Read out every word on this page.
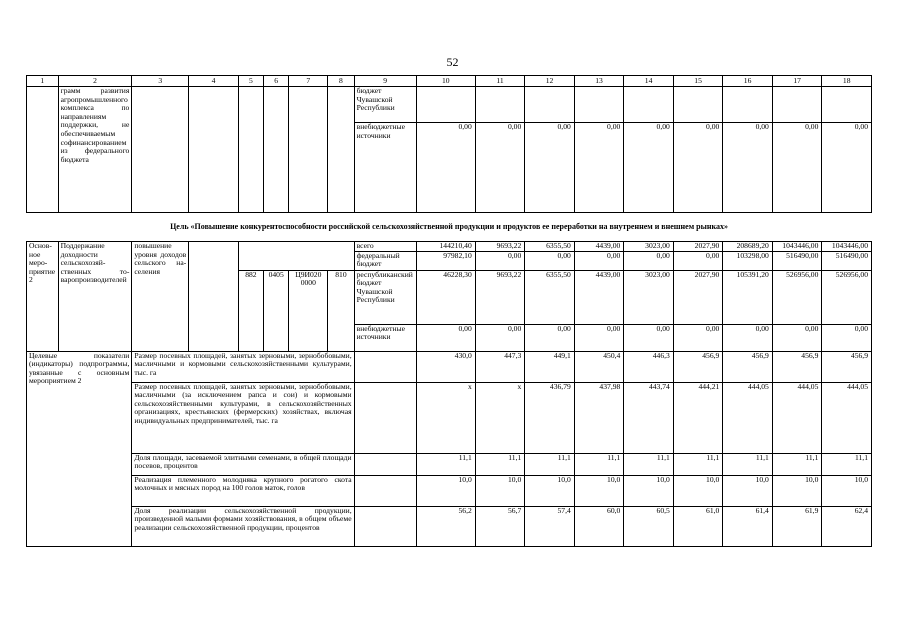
52
1	2	3	4	5	6	7	8	9	10	11	12	13	14	15	16	17	18
	грамм развития агропромышленного комплекса по направлениям поддержки, не обеспечиваемым софинансированием из федерального бюджета							бюджет Чувашской Республики									
								внебюджетные источники	0,00	0,00	0,00	0,00	0,00	0,00	0,00	0,00	0,00
Цель «Повышение конкурентоспособности российской сельскохозяйственной продукции и продуктов ее переработки на внутреннем и внешнем рынках»																	
Основное мероприятие 2	Поддержание доходности сельскохозяйственных товаропроизводителей	повышение уровня доходов сельского населения						всего	144210,40	9693,22	6355,50	4439,00	3023,00	2027,90	208689,20	1043446,00	1043446,00
								федеральный бюджет	97982,10	0,00	0,00	0,00	0,00	0,00	103298,00	516490,00	516490,00
				882	0405	Ц9И020 0000	810	республиканский бюджет Чувашской Республики	46228,30	9693,22	6355,50	4439,00	3023,00	2027,90	105391,20	526956,00	526956,00
								внебюджетные источники	0,00	0,00	0,00	0,00	0,00	0,00	0,00	0,00	0,00
Целевые показатели (индикаторы) подпрограммы, увязанные с основным мероприятием 2		Размер посевных площадей, занятых зерновыми, зернобобовыми, масличными и кормовыми сельскохозяйственными культурами, тыс. га							430,0	447,3	449,1	450,4	446,3	456,9	456,9	456,9	456,9
		Размер посевных площадей, занятых зерновыми, зернобобовыми, масличными (за исключением рапса и сои) и кормовыми сельскохозяйственными культурами, в сельскохозяйственных организациях, крестьянских (фермерских) хозяйствах, включая индивидуальных предпринимателей, тыс. га							x	x	436,79	437,98	443,74	444,21	444,05	444,05	444,05
		Доля площади, засеваемой элитными семенами, в общей площади посевов, процентов							11,1	11,1	11,1	11,1	11,1	11,1	11,1	11,1	11,1
		Реализация племенного молодняка крупного рогатого скота молочных и мясных пород на 100 голов маток, голов							10,0	10,0	10,0	10,0	10,0	10,0	10,0	10,0	10,0
		Доля реализации сельскохозяйственной продукции, произведенной малыми формами хозяйствования, в общем объеме реализации сельскохозяйственной продукции, процентов							56,2	56,7	57,4	60,0	60,5	61,0	61,4	61,9	62,4
